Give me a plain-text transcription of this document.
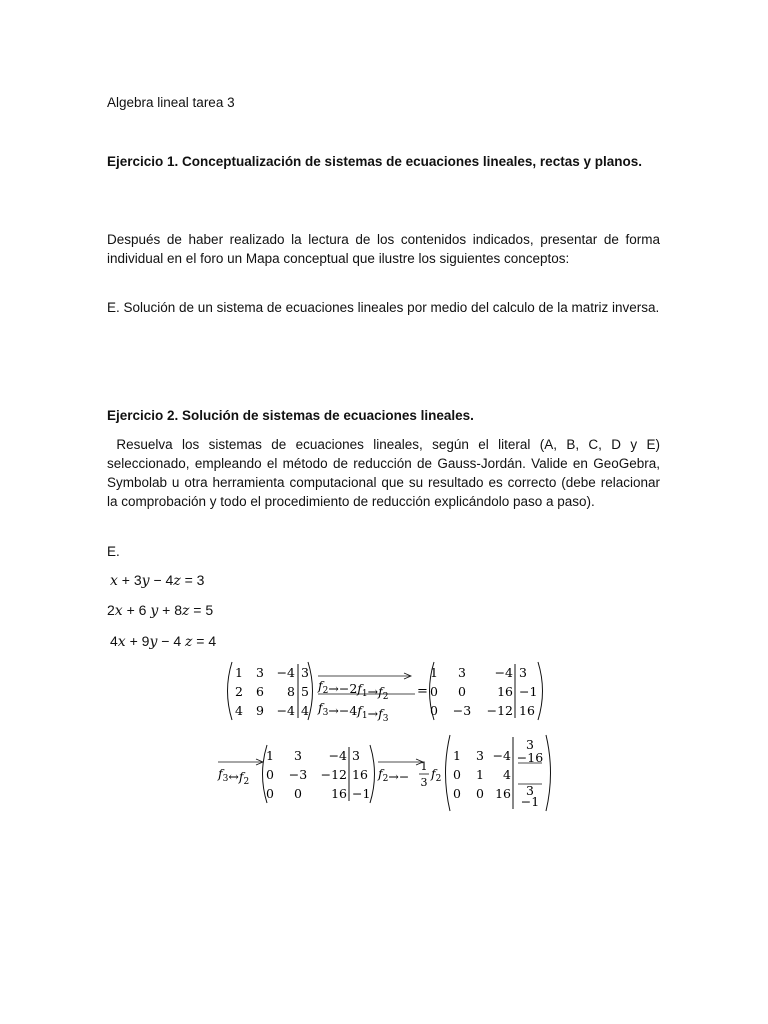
Algebra lineal tarea 3

Ejercicio 1. Conceptualización de sistemas de ecuaciones lineales, rectas y planos.

Después de haber realizado la lectura de los contenidos indicados, presentar de forma individual en el foro un Mapa conceptual que ilustre los siguientes conceptos:

E. Solución de un sistema de ecuaciones lineales por medio del calculo de la matriz inversa.

Ejercicio 2. Solución de sistemas de ecuaciones lineales.

Resuelva los sistemas de ecuaciones lineales, según el literal (A, B, C, D y E) seleccionado, empleando el método de reducción de Gauss-Jordán. Valide en GeoGebra, Symbolab u otra herramienta computacional que su resultado es correcto (debe relacionar la comprobación y todo el procedimiento de reducción explicándolo paso a paso).

E.

x + 3y − 4z = 3

2x + 6 y + 8z = 5

4x + 9y − 4 z = 4

1 3 −4 3
2 6 8 5
4 9 −4 4
$f_2\to-2f_1\to f_2$
$f_3\to-4f_1\to f_3$
=
1 3 −4 3
0 0 16 −1
0 −3 −12 16
$f_3\leftrightarrow f_2$
1 3 −4 3
0 −3 −12 16
0 0 16 −1
$f_2\to-$
1
3
$f_2$
1 3 −4
0 1 4
0 0 16
3
−16
3
−1
